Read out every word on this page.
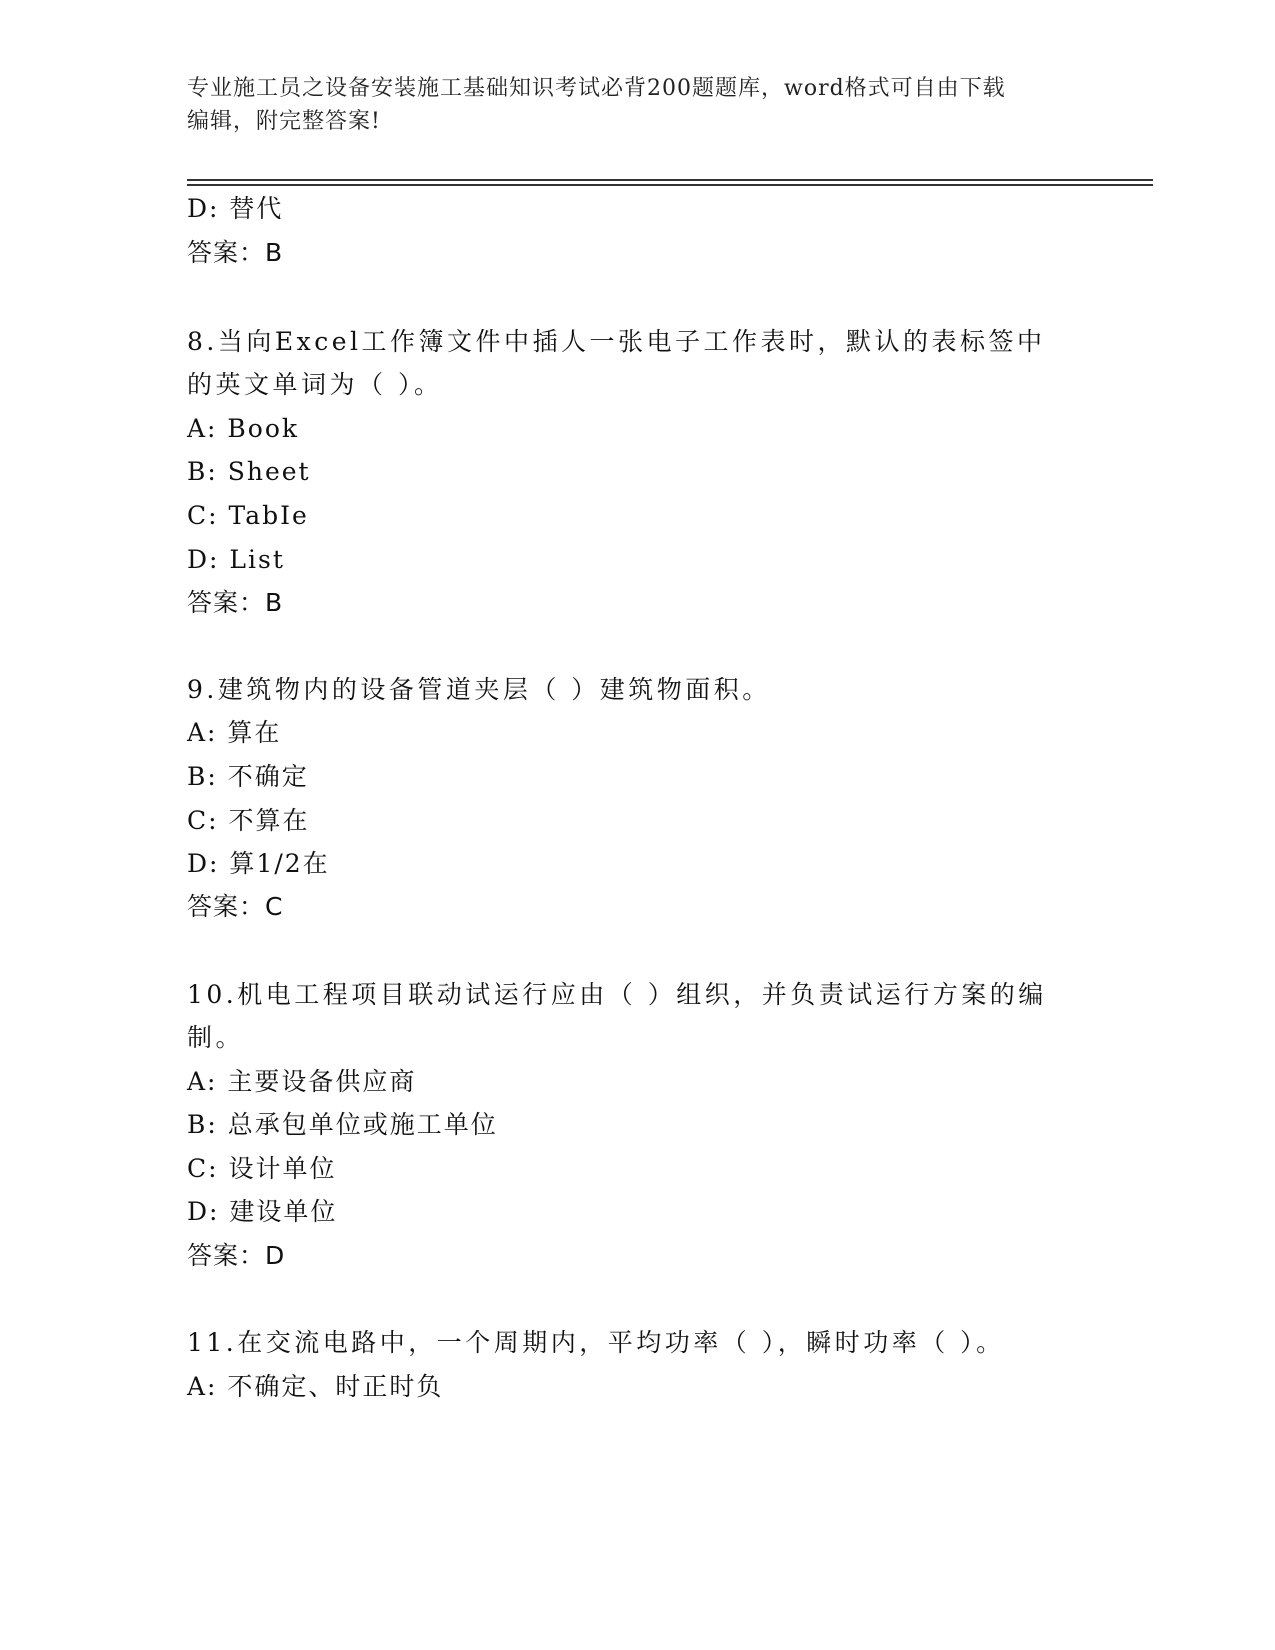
专业施工员之设备安装施工基础知识考试必背200题题库，word格式可自由下载
编辑，附完整答案!
D: 替代
答案：B
8.当向Excel工作簿文件中插人一张电子工作表时，默认的表标签中
的英文单词为（ ）。
A: Book
B: Sheet
C: TabIe
D: List
答案：B
9.建筑物内的设备管道夹层（ ）建筑物面积。
A: 算在
B: 不确定
C: 不算在
D: 算1/2在
答案：C
10.机电工程项目联动试运行应由（ ）组织，并负责试运行方案的编
制。
A: 主要设备供应商
B: 总承包单位或施工单位
C: 设计单位
D: 建设单位
答案：D
11.在交流电路中，一个周期内，平均功率（ ），瞬时功率（ ）。
A: 不确定、时正时负
